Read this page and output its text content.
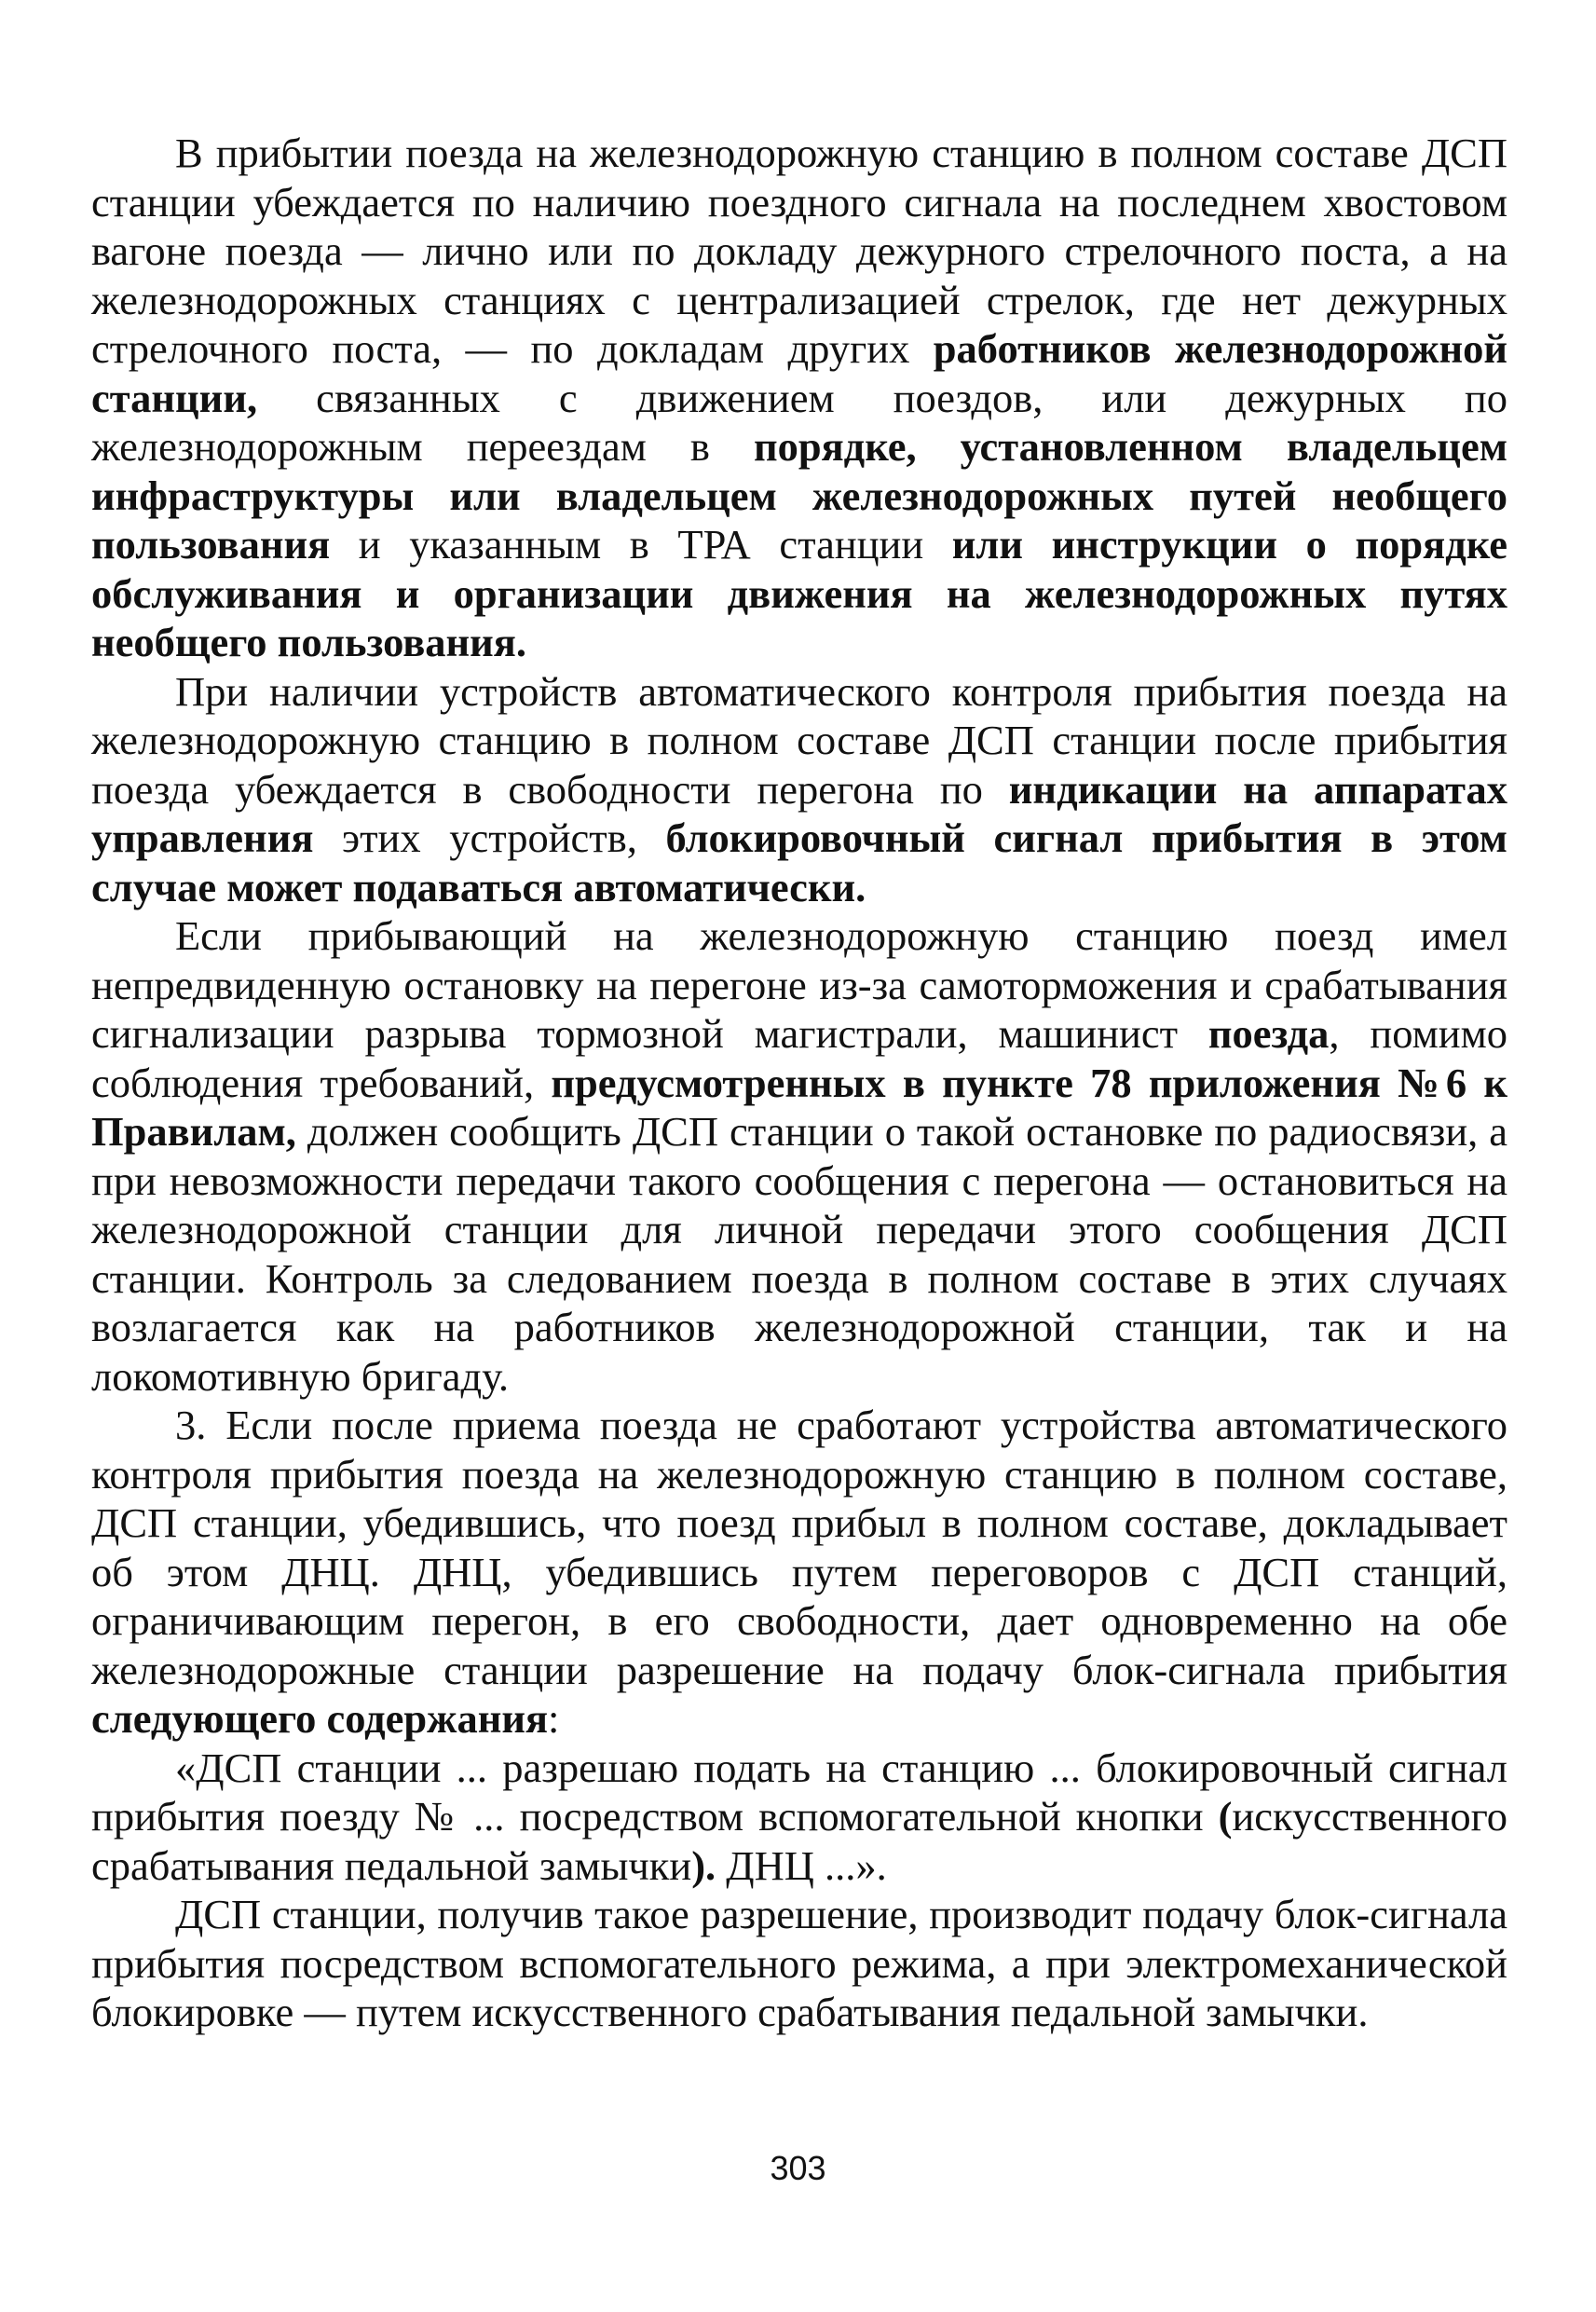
В прибытии поезда на железнодорожную станцию в полном составе ДСП станции убеждается по наличию поездного сигнала на последнем хвостовом вагоне поезда — лично или по докладу дежурного стрелочного поста, а на железнодорожных станциях с централизацией стрелок, где нет дежурных стрелочного поста, — по докладам других работников железнодорожной станции, связанных с движением поездов, или дежурных по железнодорожным переездам в порядке, установленном владельцем инфраструктуры или владельцем железнодорожных путей необщего пользования и указанным в ТРА станции или инструкции о порядке обслуживания и организации движения на железнодорожных путях необщего пользования.

При наличии устройств автоматического контроля прибытия поезда на железнодорожную станцию в полном составе ДСП станции после прибытия поезда убеждается в свободности перегона по индикации на аппаратах управления этих устройств, блокировочный сигнал прибытия в этом случае может подаваться автоматически.

Если прибывающий на железнодорожную станцию поезд имел непредвиденную остановку на перегоне из-за самоторможения и срабатывания сигнализации разрыва тормозной магистрали, машинист поезда, помимо соблюдения требований, предусмотренных в пункте 78 приложения №6 к Правилам, должен сообщить ДСП станции о такой остановке по радиосвязи, а при невозможности передачи такого сообщения с перегона — остановиться на железнодорожной станции для личной передачи этого сообщения ДСП станции. Контроль за следованием поезда в полном составе в этих случаях возлагается как на работников железнодорожной станции, так и на локомотивную бригаду.

3. Если после приема поезда не сработают устройства автоматического контроля прибытия поезда на железнодорожную станцию в полном составе, ДСП станции, убедившись, что поезд прибыл в полном составе, докладывает об этом ДНЦ. ДНЦ, убедившись путем переговоров с ДСП станций, ограничивающим перегон, в его свободности, дает одновременно на обе железнодорожные станции разрешение на подачу блок-сигнала прибытия следующего содержания:

«ДСП станции ... разрешаю подать на станцию ... блокировочный сигнал прибытия поезду № ... посредством вспомогательной кнопки (искусственного срабатывания педальной замычки). ДНЦ ...».

ДСП станции, получив такое разрешение, производит подачу блок-сигнала прибытия посредством вспомогательного режима, а при электромеханической блокировке — путем искусственного срабатывания педальной замычки.

303
